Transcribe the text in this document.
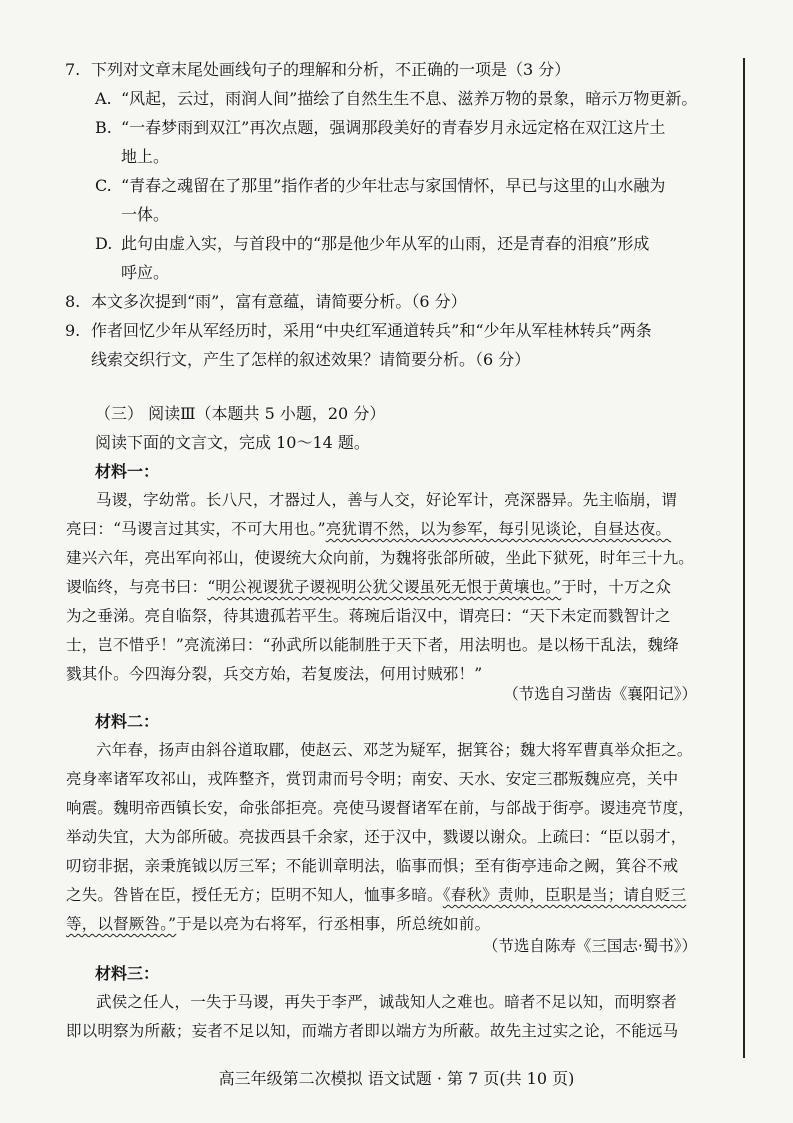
7. 下列对文章末尾处画线句子的理解和分析，不正确的一项是（3 分）
A. “风起，云过，雨润人间”描绘了自然生生不息、滋养万物的景象，暗示万物更新。
B. “一春梦雨到双江”再次点题，强调那段美好的青春岁月永远定格在双江这片土
地上。
C. “青春之魂留在了那里”指作者的少年壮志与家国情怀，早已与这里的山水融为
一体。
D. 此句由虚入实，与首段中的“那是他少年从军的山雨，还是青春的泪痕”形成
呼应。
8. 本文多次提到“雨”，富有意蕴，请简要分析。（6 分）
9. 作者回忆少年从军经历时，采用“中央红军通道转兵”和“少年从军桂林转兵”两条
线索交织行文，产生了怎样的叙述效果？请简要分析。（6 分）
（三） 阅读Ⅲ（本题共 5 小题，20 分）
阅读下面的文言文，完成 10～14 题。
材料一：
马谡，字幼常。长八尺，才器过人，善与人交，好论军计，亮深器异。先主临崩，谓
亮曰：“马谡言过其实，不可大用也。”亮犹谓不然，以为参军，每引见谈论，自昼达夜。
建兴六年，亮出军向祁山，使谡统大众向前，为魏将张郃所破，坐此下狱死，时年三十九。
谡临终，与亮书曰：“明公视谡犹子谡视明公犹父谡虽死无恨于黄壤也。”于时，十万之众
为之垂涕。亮自临祭，待其遗孤若平生。蒋琬后诣汉中，谓亮曰：“天下未定而戮智计之
士，岂不惜乎！”亮流涕曰：“孙武所以能制胜于天下者，用法明也。是以杨干乱法，魏绛
戮其仆。今四海分裂，兵交方始，若复废法，何用讨贼邪！”
（节选自习凿齿《襄阳记》）
材料二：
六年春，扬声由斜谷道取郿，使赵云、邓芝为疑军，据箕谷；魏大将军曹真举众拒之。
亮身率诸军攻祁山，戎阵整齐，赏罚肃而号令明；南安、天水、安定三郡叛魏应亮，关中
响震。魏明帝西镇长安，命张郃拒亮。亮使马谡督诸军在前，与郃战于街亭。谡违亮节度，
举动失宜，大为郃所破。亮拔西县千余家，还于汉中，戮谡以谢众。上疏曰：“臣以弱才，
叨窃非据，亲秉旄钺以厉三军；不能训章明法，临事而惧；至有街亭违命之阙，箕谷不戒
之失。咎皆在臣，授任无方；臣明不知人，恤事多暗。《春秋》责帅，臣职是当；请自贬三
等，以督厥咎。”于是以亮为右将军，行丞相事，所总统如前。
（节选自陈寿《三国志·蜀书》）
材料三：
武侯之任人，一失于马谡，再失于李严，诚哉知人之难也。暗者不足以知，而明察者
即以明察为所蔽；妄者不足以知，而端方者即以端方为所蔽。故先主过实之论，不能远马
高三年级第二次模拟 语文试题 · 第 7 页(共 10 页)
